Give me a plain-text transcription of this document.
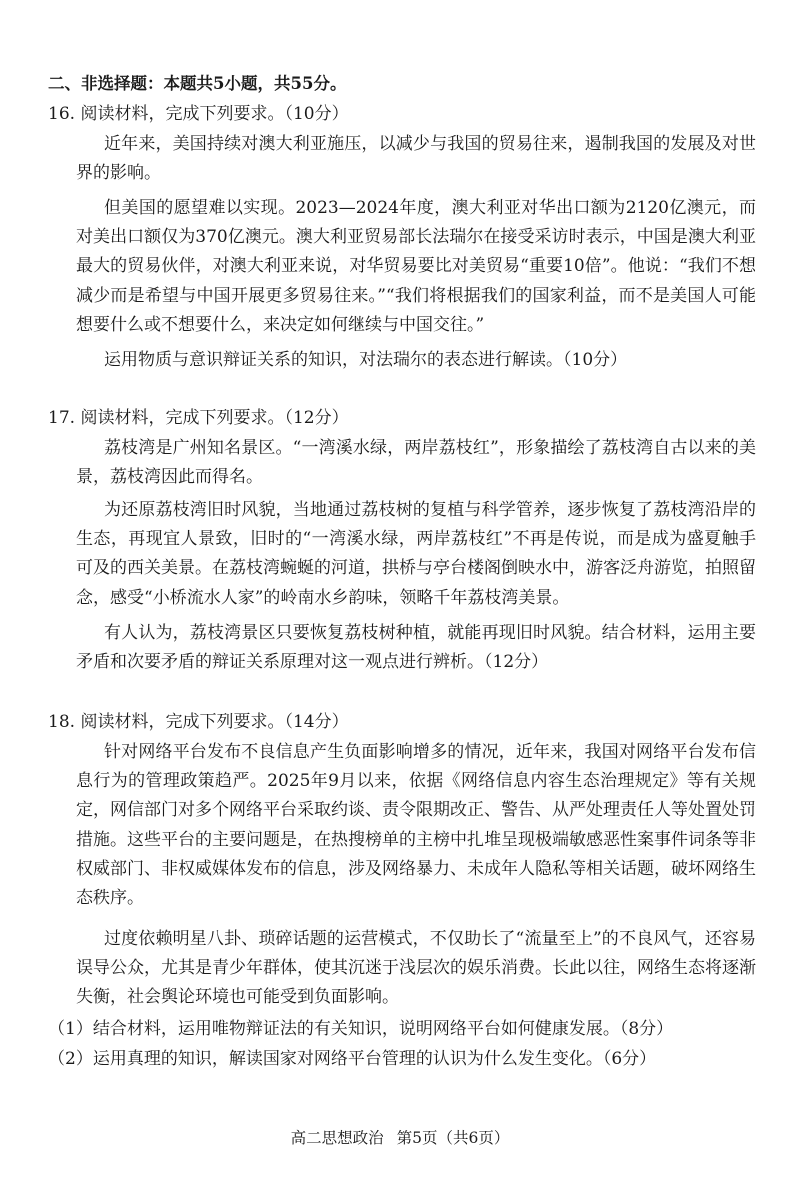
二、非选择题：本题共5小题，共55分。
16. 阅读材料，完成下列要求。（10分）
近年来，美国持续对澳大利亚施压，以减少与我国的贸易往来，遏制我国的发展及对世界的影响。
但美国的愿望难以实现。2023—2024年度，澳大利亚对华出口额为2120亿澳元，而对美出口额仅为370亿澳元。澳大利亚贸易部长法瑞尔在接受采访时表示，中国是澳大利亚最大的贸易伙伴，对澳大利亚来说，对华贸易要比对美贸易“重要10倍”。他说：“我们不想减少而是希望与中国开展更多贸易往来。”“我们将根据我们的国家利益，而不是美国人可能想要什么或不想要什么，来决定如何继续与中国交往。”
运用物质与意识辩证关系的知识，对法瑞尔的表态进行解读。（10分）
17. 阅读材料，完成下列要求。（12分）
荔枝湾是广州知名景区。“一湾溪水绿，两岸荔枝红”，形象描绘了荔枝湾自古以来的美景，荔枝湾因此而得名。
为还原荔枝湾旧时风貌，当地通过荔枝树的复植与科学管养，逐步恢复了荔枝湾沿岸的生态，再现宜人景致，旧时的“一湾溪水绿，两岸荔枝红”不再是传说，而是成为盛夏触手可及的西关美景。在荔枝湾蜿蜒的河道，拱桥与亭台楼阁倒映水中，游客泛舟游览，拍照留念，感受“小桥流水人家”的岭南水乡韵味，领略千年荔枝湾美景。
有人认为，荔枝湾景区只要恢复荔枝树种植，就能再现旧时风貌。结合材料，运用主要矛盾和次要矛盾的辩证关系原理对这一观点进行辨析。（12分）
18. 阅读材料，完成下列要求。（14分）
针对网络平台发布不良信息产生负面影响增多的情况，近年来，我国对网络平台发布信息行为的管理政策趋严。2025年9月以来，依据《网络信息内容生态治理规定》等有关规定，网信部门对多个网络平台采取约谈、责令限期改正、警告、从严处理责任人等处置处罚措施。这些平台的主要问题是，在热搜榜单的主榜中扎堆呈现极端敏感恶性案事件词条等非权威部门、非权威媒体发布的信息，涉及网络暴力、未成年人隐私等相关话题，破坏网络生态秩序。
过度依赖明星八卦、琐碎话题的运营模式，不仅助长了“流量至上”的不良风气，还容易误导公众，尤其是青少年群体，使其沉迷于浅层次的娱乐消费。长此以往，网络生态将逐渐失衡，社会舆论环境也可能受到负面影响。
（1）结合材料，运用唯物辩证法的有关知识，说明网络平台如何健康发展。（8分）
（2）运用真理的知识，解读国家对网络平台管理的认识为什么发生变化。（6分）
高二思想政治 第5页（共6页）
